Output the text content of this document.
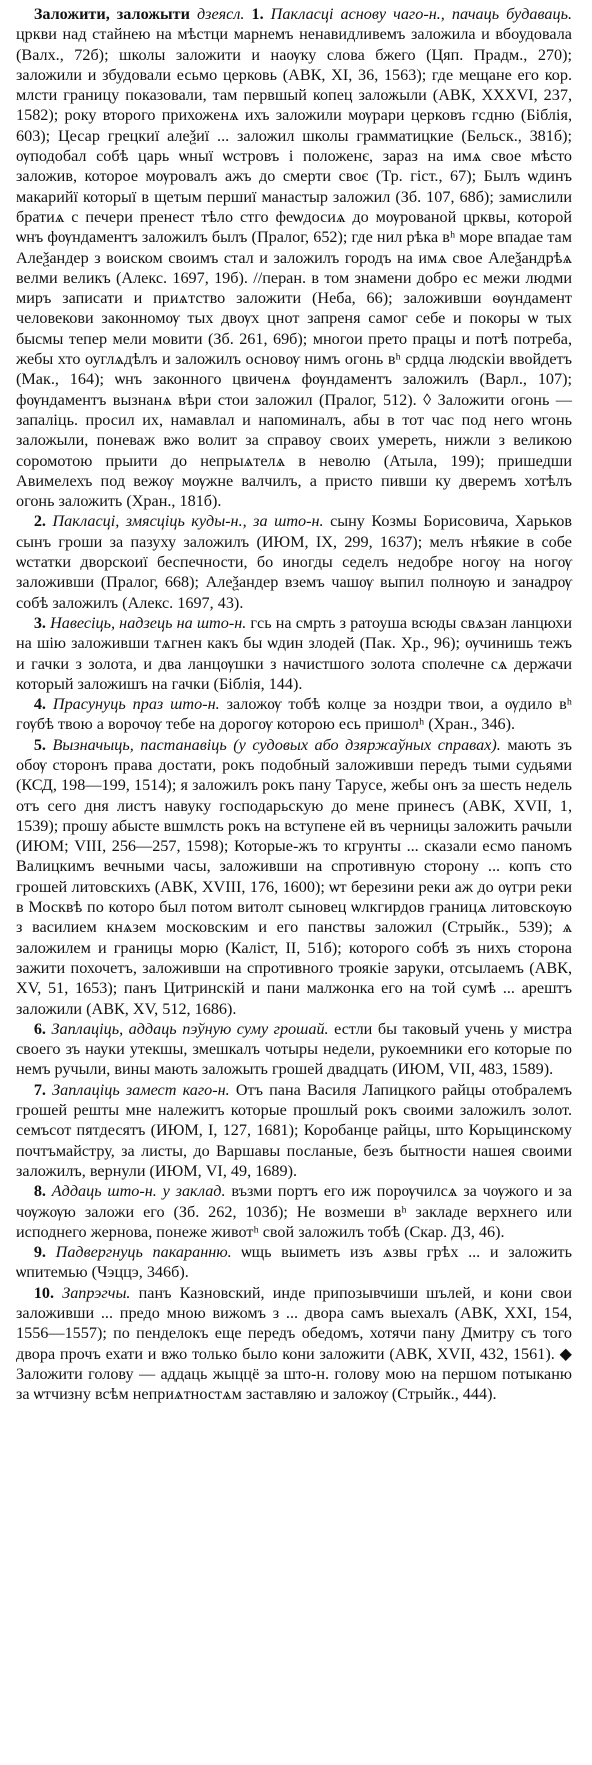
Заложити, заложыти дзеясл. 1. Пакласці аснову чаго-н., пачаць будаваць. цркви над стайнею на мѣстци марнемъ ненавидливемъ заложила и вбоудовала (Валх., 72б); школы заложити и наѹку слова бжего (Цяп. Прадм., 270); заложили и збудовали есьмо церковь (АВК, XI, 36, 1563); где мещане его кор. млсти границу показовали, там первшый копец заложыли (АВК, XXXVI, 237, 1582); року второго прихоженѧ ихъ заложили мѹрари церковъ гсдню (Біблія, 603); Цесар грецкиї алеѯиї ... заложил школы грамматицкие (Бельск., 381б); ѹподобал собѣ царь ѡныї ѡстровъ і положенє, зараз на имѧ свое мѣсто заложив, которое мѹровалъ ажъ до смерти своє (Тр. гіст., 67); Былъ ѡдинъ макарийї которыї в щетым першиї манастыр заложил (Зб. 107, 68б); замислили братиѧ с печери пренест тѣло стго феѡдосиѧ до мѹрованой црквы, которой ѡнъ фѹндаментъ заложилъ былъ (Пралог, 652); где нил рѣка вʰ море впадае там Алеѯандер з воиском своимъ стал и заложилъ городъ на имѧ свое Алеѯандрѣѧ велми великъ (Алекс. 1697, 19б). //перан. в том знамени добро ес межи людми миръ записати и приѧтство заложити (Неба, 66); заложивши ѳѹндамент человекови законномѹ тых двѹх цнот запреня самог себе и покоры ѡ тых бысмы тепер мели мовити (Зб. 261, 69б); многои прето працы и потѣ потреба, жебы хто оуглѧдѣлъ и заложилъ основѹ нимъ огонь вʰ срдца людскіи ввойдетъ (Мак., 164); ѡнъ законного цвиченѧ фѹндаментъ заложилъ (Варл., 107); фѹндаментъ вызнанѧ вѣри стои заложил (Пралог, 512). ◊ Заложити огонь — запаліць. просил их, намавлал и напоминалъ, абы в тот час под него ѡгонь заложыли, поневаж вжо волит за справоу своих умереть, нижли з великою соромотою прыити до непрыѧтелѧ в неволю (Атыла, 199); пришедши Авимелехъ под вежѹ мѹжне валчилъ, а присто пивши ку дверемъ хотѣлъ огонь заложить (Хран., 181б).

2. Пакласці, змясціць куды-н., за што-н. сыну Козмы Борисовича, Харьков сынъ гроши за пазуху заложилъ (ИЮМ, IX, 299, 1637); мелъ нѣякие в собе ѡстатки дворскоиї беспечности, бо иногды седелъ недобре ногѹ на ногѹ заложивши (Пралог, 668); Алеѯандер вземъ чашѹ выпил полнѹю и занадрѹ собѣ заложилъ (Алекс. 1697, 43).

3. Навесіць, надзець на што-н. гсь на смрть з ратоуша всюды свѧзан ланцюхи на шію заложивши тѧгнен какъ бы ѡдин злодей (Пак. Хр., 96); ѹчинишь тежъ и гачки з золота, и два ланцѹшки з начистшого золота сполечне сѧ держачи который заложишъ на гачки (Біблія, 144).

4. Прасунуць праз што-н. заложѹ тобѣ колце за ноздри твои, а ѹдило вʰ гѹбѣ твою а ворочѹ тебе на дорогѹ которою есь пришолʰ (Хран., 346).

5. Вызначыць, пастанавіць (у судовых або дзяржаўных справах). мають зъ обѹ сторонъ права достати, рокъ подобный заложивши передъ тыми судьями (КСД, 198—199, 1514); я заложилъ рокъ пану Тарусе, жебы онъ за шесть недель отъ сего дня листъ навуку господарьскую до мене принесъ (АВК, XVII, 1, 1539); прошу абысте вшмлсть рокъ на вступене ей въ черницы заложить рачыли (ИЮМ; VIII, 256—257, 1598); Которые-жъ то кгрунты ... сказали есмо паномъ Валицкимъ вечными часы, заложивши на спротивную сторону ... копъ сто грошей литовскихъ (АВК, XVIII, 176, 1600); ѡт березини реки аж до ѹгри реки в Москвѣ по которо был потом витолт сыновец ѡлкгирдов границѧ литовскѹю з василием кнѧзем московским и его панствы заложил (Стрыйк., 539); ѧ заложилем и границы морю (Каліст, II, 51б); которого собѣ зъ нихъ сторона зажити похочетъ, заложивши на спротивного троякіе заруки, отсылаемъ (АВК, XV, 51, 1653); панъ Цитринскій и пани малжонка его на той сумѣ ... арештъ заложили (АВК, XV, 512, 1686).

6. Заплаціць, аддаць пэўную суму грошай. естли бы таковый учень у мистра своего зъ науки утекшы, змешкалъ чотыры недели, рукоемники его которые по немъ ручыли, вины мають заложыть грошей двадцать (ИЮМ, VII, 483, 1589).

7. Заплаціць замест каго-н. Отъ пана Василя Лапицкого райцы отобралемъ грошей решты мне належитъ которые прошлый рокъ своими заложилъ золот. семъсот пятдесятъ (ИЮМ, I, 127, 1681); Коробанце райцы, што Корыцинскому почтъмайстру, за листы, до Варшавы посланые, безъ бытности нашея своими заложилъ, вернули (ИЮМ, VI, 49, 1689).

8. Аддаць што-н. у заклад. възми портъ его иж порѹчилсѧ за чѹжого и за чѹжѹю заложи его (Зб. 262, 103б); Не возмеши вʰ закладе верхнего или исподнего жернова, понеже животʰ свой заложилъ тобѣ (Скар. ДЗ, 46).

9. Падвергнуць пакаранню. ѡщь выиметь изъ ѧзвы грѣх ... и заложить ѡпитемью (Чэццэ, 346б).

10. Запрэгчы. панъ Казновский, инде припозывчиши шълей, и кони свои заложивши ... предо мною вижомъ з ... двора самъ выехалъ (АВК, XXI, 154, 1556—1557); по пенделокъ еще передъ обедомъ, хотячи пану Дмитру съ того двора прочъ ехати и вжо только было кони заложити (АВК, XVII, 432, 1561). ◆ Заложити голову — аддаць жыццё за што-н. голову мою на першом потыканю за ѡтчизну всѣм неприѧтностѧм заставляю и заложѹ (Стрыйк., 444).
